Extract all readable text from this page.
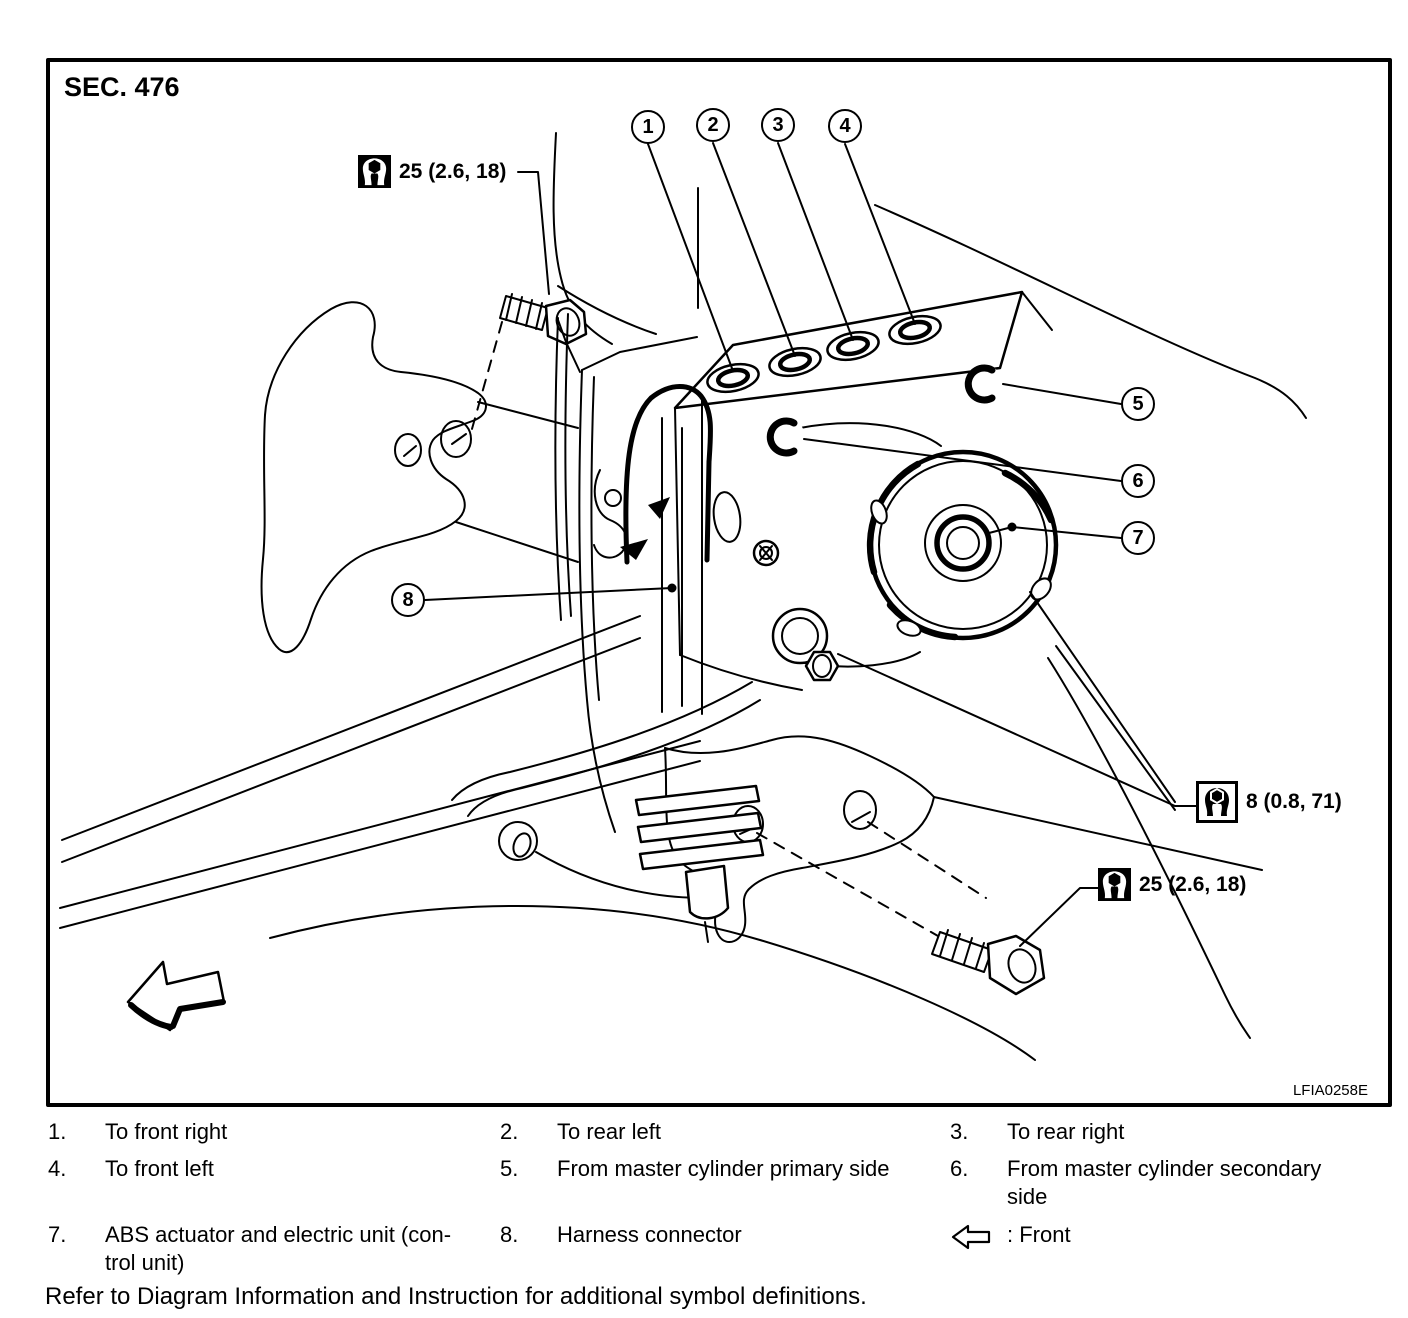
SEC. 476
1	2	3	4
5
6
7
8
25 (2.6, 18)
8 (0.8, 71)
25 (2.6, 18)
LFIA0258E
1.	To front right	2.	To rear left	3.	To rear right
4.	To front left	5.	From master cylinder primary side	6.	From master cylinder secondary
side
7.	ABS actuator and electric unit (con-
trol unit)
8.	Harness connector	: Front
Refer to Diagram Information and Instruction for additional symbol definitions.
